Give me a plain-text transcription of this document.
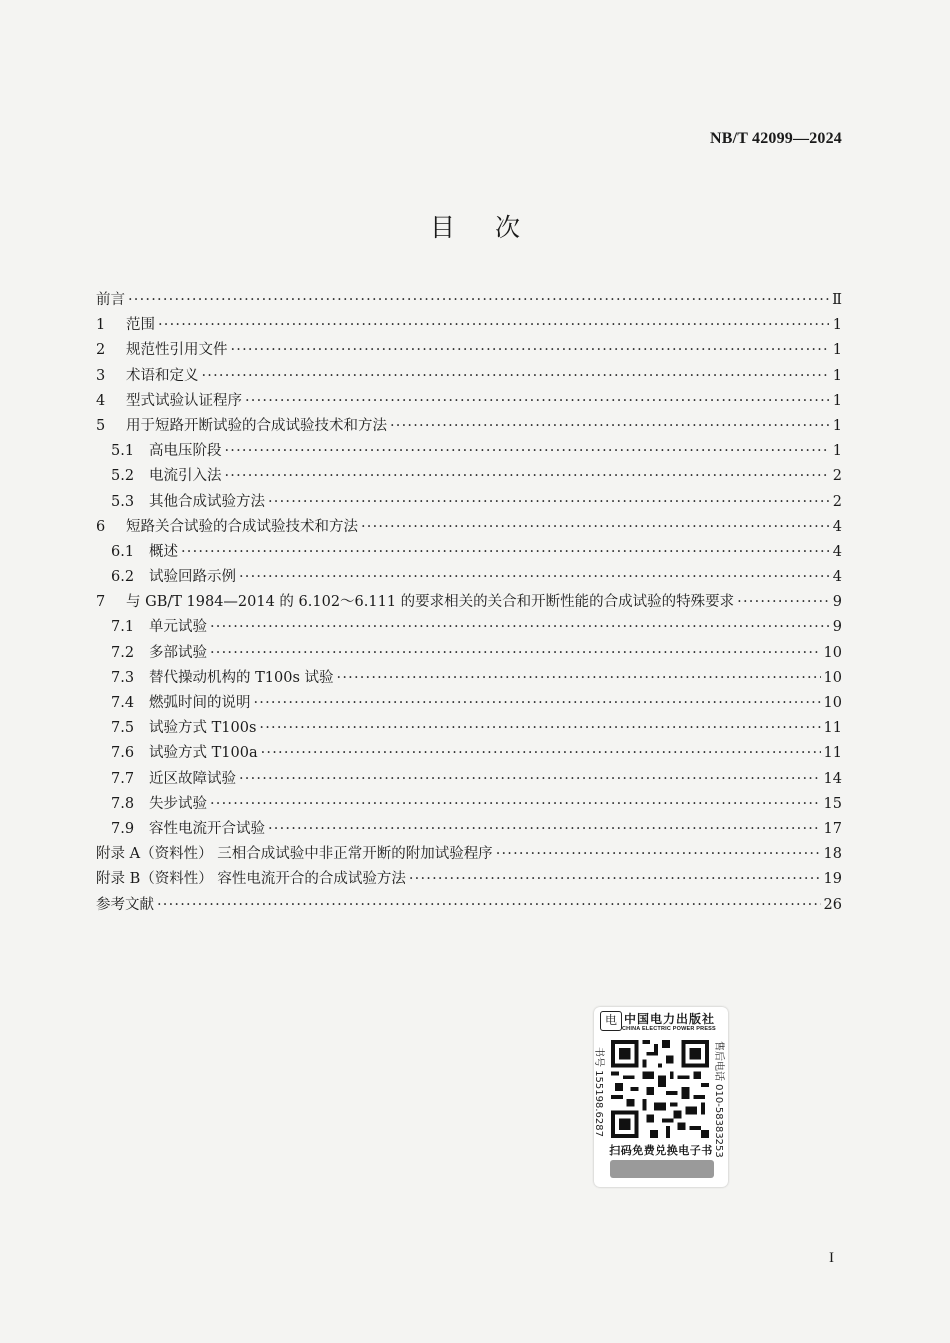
NB/T 42099—2024
目次
前言 ·····	Ⅱ
1	范围 ·····	1
2	规范性引用文件 ·····	1
3	术语和定义 ·····	1
4	型式试验认证程序 ·····	1
5	用于短路开断试验的合成试验技术和方法 ·····	1
5.1	高电压阶段 ·····	1
5.2	电流引入法 ·····	2
5.3	其他合成试验方法 ·····	2
6	短路关合试验的合成试验技术和方法 ·····	4
6.1	概述 ·····	4
6.2	试验回路示例 ·····	4
7	与 GB/T 1984—2014 的 6.102～6.111 的要求相关的关合和开断性能的合成试验的特殊要求 ·····	9
7.1	单元试验 ·····	9
7.2	多部试验 ·····	10
7.3	替代操动机构的 T100s 试验 ·····	10
7.4	燃弧时间的说明 ·····	10
7.5	试验方式 T100s ·····	11
7.6	试验方式 T100a ·····	11
7.7	近区故障试验 ·····	14
7.8	失步试验 ·····	15
7.9	容性电流开合试验 ·····	17
附录 A（资料性） 三相合成试验中非正常开断的附加试验程序 ·····	18
附录 B（资料性） 容性电流开合的合成试验方法 ·····	19
参考文献 ·····	26
电 中国电力出版社
CHINA ELECTRIC POWER PRESS
书号 155198.6287	售后电话 010-58383253
扫码免费兑换电子书
I
